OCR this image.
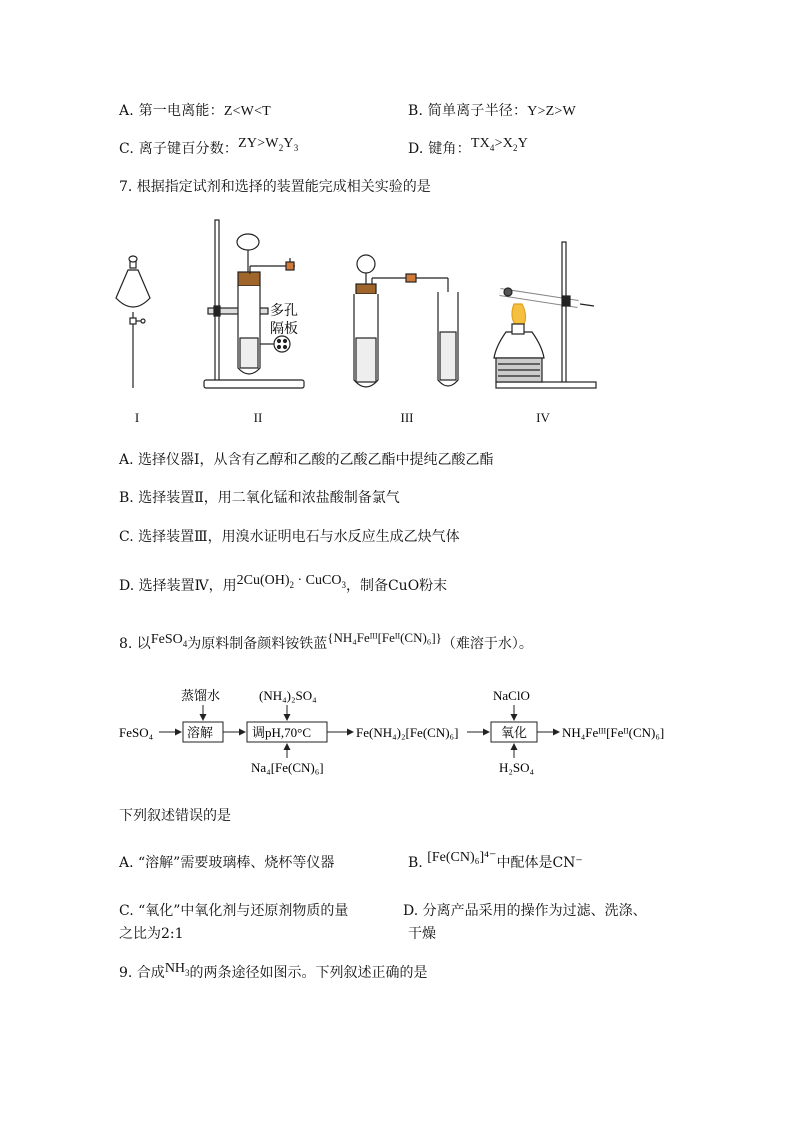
A. 第一电离能：Z<W<T	B. 简单离子半径：Y>Z>W
C. 离子键百分数：$ZY>W_2Y_3$	D. 键角：$TX_4>X_2Y$
7. 根据指定试剂和选择的装置能完成相关实验的是
多孔
隔板
I	II	III	IV
A. 选择仪器Ⅰ，从含有乙醇和乙酸的乙酸乙酯中提纯乙酸乙酯
B. 选择装置Ⅱ，用二氧化锰和浓盐酸制备氯气
C. 选择装置Ⅲ，用溴水证明电石与水反应生成乙炔气体
D. 选择装置Ⅳ，用$2Cu(OH)_2$ · CuCO$_3$，制备CuO粉末
8. 以FeSO$_4$为原料制备颜料铵铁蓝{NH₄Feᴵᴵᴵ[Feᴵᴵ(CN)₆]}（难溶于水）。
FeSO₄	溶解
蒸馏水
调pH,70°C
(NH₄)₂SO₄
Na₄[Fe(CN)₆]
Fe(NH₄)₂[Fe(CN)₆]	氧化
NaClO
H₂SO₄
NH₄Feᴵᴵᴵ[Feᴵᴵ(CN)₆]
下列叙述错误的是
A. “溶解”需要玻璃棒、烧杯等仪器	B. [Fe(CN)₆]⁴⁻中配体是CN⁻
C. “氧化”中氧化剂与还原剂物质的量
之比为2:1
D. 分离产品采用的操作为过滤、洗涤、
干燥
9. 合成$NH_3$的两条途径如图示。下列叙述正确的是
